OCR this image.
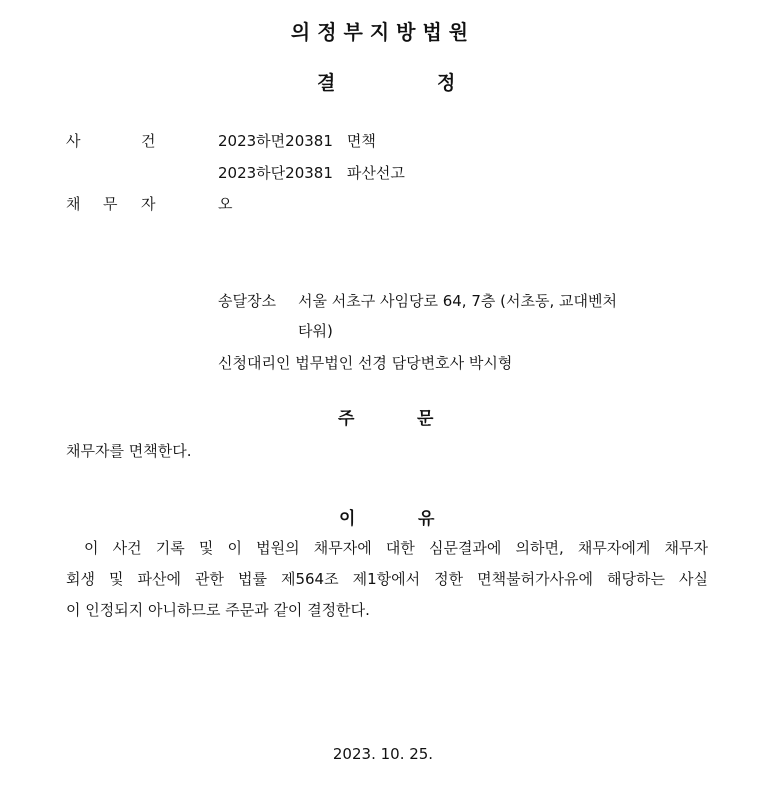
의정부지방법원
결	정
사	건	2023하면20381 면책
2023하단20381 파산선고
채 무 자	오
송달장소 서울 서초구 사임당로 64, 7층 (서초동, 교대벤처
타워)
신청대리인 법무법인 선경 담당변호사 박시형
주	문
채무자를 면책한다.
이	유
이 사건 기록 및 이 법원의 채무자에 대한 심문결과에 의하면, 채무자에게 채무자
회생 및 파산에 관한 법률 제564조 제1항에서 정한 면책불허가사유에 해당하는 사실
이 인정되지 아니하므로 주문과 같이 결정한다.
2023. 10. 25.
